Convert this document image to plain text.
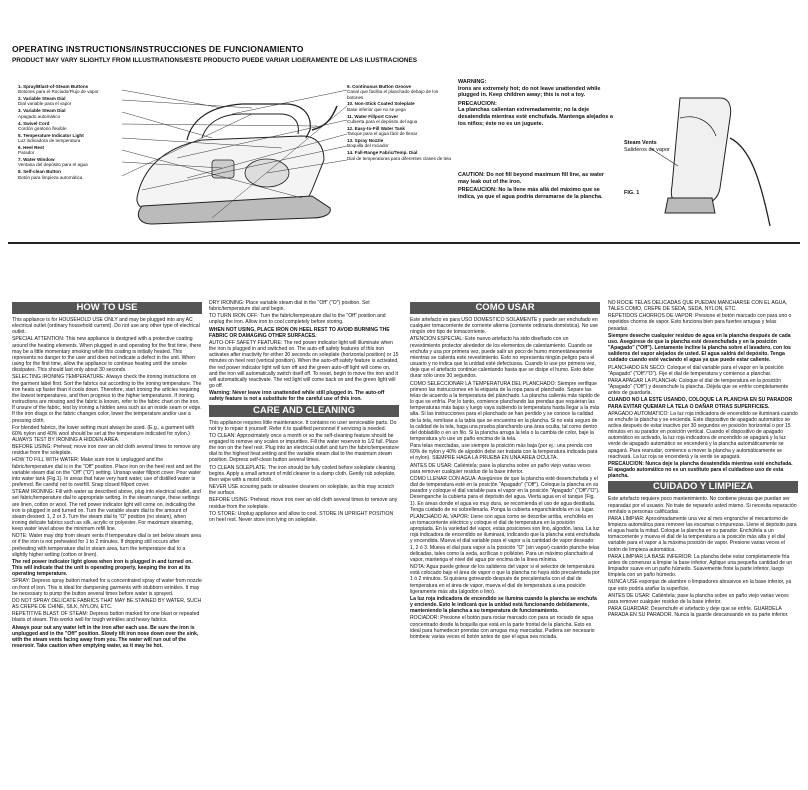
OPERATING INSTRUCTIONS/INSTRUCCIONES DE FUNCIONAMIENTO
PRODUCT MAY VARY SLIGHTLY FROM ILLUSTRATIONS/ESTE PRODUCTO PUEDE VARIAR LIGERAMENTE DE LAS ILUSTRACIONES
1. Spray/Blast-of-Steam Buttons
Botones para el Rociado/Flujo de vapor
2. Variable Steam Dial
Dial variable para el vapor
3. Variable Steam Dial
Apagado automático
4. Swivel Cord
Cordón giratorio flexible
5. Temperature Indicator Light
Luz indicadora de temperatura
6. Heel Rest
Parador
7. Water Window
Ventana del depósito para el agua
8. Self-clean Button
Botón para limpieza automática
9. Continuous Button Groove
Canal que facilita el planchado debajo de los botones
10. Non-Stick Coated Soleplate
Base inferior que no se pega
11. Water Fillport Cover
Cubierta para el depósito del agua
12. Easy-to-Fill Water Tank
Tanque para el agua fácil de llenar
13. Spray Nozzle
Boquilla del rociador
14. Fall-Range Fabric/Temp. Dial
Dial de temperaturas para diferentes clases de tela
WARNING:
Irons are extremely hot; do not leave unattended while plugged in. Keep children away; this is not a toy.
PRECAUCION:
La planchas calientan extremadamente; no la deje desatendida mientras esté enchufada. Mantenga alejados a los niños; éste no es un juguete.
CAUTION: Do not fill beyond maximum fill line, as water may leak out of the iron.
PRECAUCION: No la llene más allá del máximo que se indica, ya que el agua podría derramarse de la plancha.
Steam Vents
Salideros de vapor
FIG. 1
HOW TO USE

This appliance is for HOUSEHOLD USE ONLY and may be plugged into any AC electrical outlet (ordinary household current). Do not use any other type of electrical outlet.

SPECIAL ATTENTION: This new appliance is designed with a protective coating around the heating elements. When plugged in and operating for the first time, there may be a little momentary smoking while this coating is initially heated. This represents no danger to the user and does not indicate a defect in the unit. When using for the first time, allow the appliance to continue heating until the smoke dissipates. This should last only about 30 seconds.

SELECTING IRONING TEMPERATURE: Always check the ironing instructions on the garment label first. Sort the fabrics out according to the ironing temperature. The iron heats up faster than it cools down. Therefore, start ironing the articles requiring the lowest temperatures, and then progress to the higher temperatures. If ironing instructions are missing and the fabric is known, refer to the fabric chart on the iron. If unsure of the fabric, test by ironing a hidden area such as an inside seam or edge. If the iron drags or the fabric changes color, lower the temperature and/or use a pressing cloth.

For blended fabrics, the lower setting must always be used. (E.g., a garment with 60% nylon and 40% wool should be set at the temperature indicated for nylon.) ALWAYS TEST BY IRONING A HIDDEN AREA.

BEFORE USING: Preheat; move iron over an old cloth several times to remove any residue from the soleplate.

HOW TO FILL WITH WATER: Make sure iron is unplugged and the fabric/temperature dial is in the "Off" position. Place iron on the heel rest and set the variable steam dial on the "Off" ("O") setting. Unsnap water fillport cover. Pour water into water tank (Fig.1). In areas that have very hard water, use of distilled water is preferred. Be careful not to overfill. Snap closed fillport cover.

STEAM IRONING: Fill with water as described above, plug into electrical outlet, and set fabric/temperature dial to appropriate setting. In the steam range, these settings are linen, cotton or wool. The red power indicator light will come on, indicating the iron is plugged in and turned on. Turn the variable steam dial to the amount of steam desired: 1, 2 or 3. Turn the steam dial to "O" position (no steam), when ironing delicate fabrics such as silk, acrylic or polyester. For maximum steaming, keep water level above the minimum refill line.

NOTE: Water may drip from steam vents if temperature dial is set below steam area or if the iron is not preheated for 1 to 2 minutes. If dripping still occurs after preheating with temperature dial in steam area, turn the temperature dial to a slightly higher setting (cotton or linen).

The red power indicator light glows when iron is plugged in and turned on. This will indicate that the unit is operating properly, keeping the iron at its operating temperature.

SPRAY: Depress spray button marked for a concentrated spray of water from nozzle on front of iron. This is ideal for dampening garments with stubborn wrinkles. It may be necessary to pump the button several times before water is sprayed.

DO NOT SPRAY DELICATE FABRICS THAT MAY BE STAINED BY WATER, SUCH AS CREPE DE CHINE, SILK, NYLON, ETC.

REPETITIVE BLAST OF STEAM: Depress button marked for one blast or repeated blasts of steam. This works well for tough wrinkles and heavy fabrics.

Always pour out any water left in the iron after each use. Be sure the iron is unplugged and in the "Off" position. Slowly tilt iron nose down over the sink, with the steam vents facing away from you. The water will run out of the reservoir. Take caution when emptying water, as it may be hot.

DRY IRONING: Place variable steam dial in the "Off" ("O") position. Set fabric/temperature dial and begin.

TO TURN IRON OFF: Turn the fabric/temperature dial to the "Off" position and unplug the iron. Allow iron to cool completely before storing.

WHEN NOT USING, PLACE IRON ON HEEL REST TO AVOID BURNING THE FABRIC OR DAMAGING OTHER SURFACES.

AUTO-OFF SAFETY FEATURE: The red power indicator light will illuminate when the iron is plugged in and switched on. The auto-off safety features of this iron activates after inactivity for either 30 seconds on soleplate (horizontal position) or 15 minutes on heel rest (vertical position). When the auto-off safety feature is activated, the red power indicator light will turn off and the green auto-off light will come on, and the iron will automatically switch itself off. To reset, begin to move the iron and it will automatically reactivate. The red light will come back on and the green light will go off.

Warning: Never leave iron unattended while still plugged in. The auto-off safety feature is not a substitute for the careful use of this iron.

CARE AND CLEANING

This appliance requires little maintenance. It contains no user serviceable parts. Do not try to repair it yourself. Refer it to qualified personnel if servicing is needed.

TO CLEAN: Approximately once a month or so the self-cleaning feature should be engaged to remove any scales or impurities. Fill the water reservoir to 1/2 full. Place the iron on the heel rest. Plug into an electrical outlet and turn the fabric/temperature dial to the highest heat setting and the variable steam dial to the maximum steam position. Depress self-clean button several times.

TO CLEAN SOLEPLATE: The iron should be fully cooled before soleplate cleaning begins. Apply a small amount of mild cleaner to a damp cloth. Gently rub soleplate, then wipe with a moist cloth.

NEVER USE scouring pads or abrasive cleaners on soleplate, as this may scratch the surface.

BEFORE USING: Preheat; move iron over an old cloth several times to remove any residue from the soleplate.

TO STORE: Unplug appliance and allow to cool. STORE IN UPRIGHT POSITION on heel rest. Never store iron lying on soleplate.

COMO USAR

Este artefacto es para USO DOMESTICO SOLAMENTE y puede ser enchufado en cualquier tomacorriente de corriente alterna (corriente ordinaria doméstica). No use ningún otro tipo de tomacorriente.

ATENCION ESPECIAL: Este nuevo artefacto ha sido diseñado con un revestimiento protector alrededor de los elementos de calentamiento. Cuando se enchufa y usa por primera vez, puede salir un poco de humo momentáneamente mientras se calienta este revestimiento. Esto no representa ningún peligro para el usuario y no indica que la unidad esté defectuosa. Cuando lo use por primera vez, deje que el artefacto continúe calentando hasta que se disipe el humo. Esto debe durar sólo unos 30 segundos.

COMO SELECCIONAR LA TEMPERATURA DEL PLANCHADO: Siempre verifique primero las instrucciones en la etiqueta de la ropa para el planchado. Separe las telas de acuerdo a la temperatura del planchado. La plancha calienta más rápido de lo que se enfría. Por lo tanto, comience planchando las prendas que requieran las temperaturas más bajas y luego vaya subiendo la temperatura hasta llegar a la más alta. Si las instrucciones para el planchado se han perdido y se conoce la calidad de la tela, remítase a la tabla que se encuentra en la plancha. Si no está seguro de la calidad de la tela, haga una prueba planchando una área oculta, tal como dentro del dobladillo o en un filo. Si la plancha arruga la tela o la cambia de color, baje la temperatura y/o use un paño encima de la tela.

Para telas mezcladas, use siempre la posición más baja (por ej.: una prenda con 60% de nylon y 40% de algodón debe ser tratada con la temperatura indicada para el nylon). SIEMPRE HAGA LA PRUEBA EN UNA AREA OCULTA.

ANTES DE USAR: Caliéntela; pase la plancha sobre un paño viejo varias veces para remover cualquier residuo de la base inferior.

COMO LLENAR CON AGUA: Asegúrese de que la plancha esté desenchufada y el dial de temperatura esté en la posición "Apagado" ("Off"). Coloque la plancha en su parador y coloque el dial variable para el vapor en la posición "Apagado" ("Off"/"O"). Desenganche la cubierta para el depósito del agua. Vierta agua en el tanque (Fig. 1). En áreas donde el agua es muy dura, se recomienda el uso de agua destilada. Tenga cuidado de no sobrellenarla. Ponga la cubierta enganchándola en su lugar.

PLANCHADO AL VAPOR: Llene con agua como se describe arriba, enchúfela en un tomacorriente eléctrico y coloque el dial de temperatura en la posición apropiada. En la variedad del vapor, estas posiciones son lino, algodón, lana. La luz roja indicadora de encendido se iluminará, indicando que la plancha está enchufada y encendida. Mueva el dial variable para el vapor a la cantidad de vapor deseado: 1, 2 ó 3. Mueva el dial para vapor a la posición "O" (sin vapor) cuando planche telas delicadas, tales como la seda, acrílicas o poliéster. Para un máximo planchado al vapor, mantenga el nivel del agua por encima de la línea mínima.

NOTA: Agua puede gotear de los salideros del vapor si el selector de temperatura está colocado bajo el área de vapor o que la plancha no haya sido precalentada por 1 ó 2 minutos. Si quisiera gotreando después de precalentarla con el dial de temperatura en el área de vapor, mueva el dial de temperatura a una posición ligeramente más alta (algodón o lino).

La luz roja indicadora de encendido se ilumina cuando la plancha se enchufa y enciende. Esto le indicará que la unidad está funcionando debidamente, manteniendo la plancha a su temperatura de funcionamiento.

ROCIADOR: Presione el botón para rociar marcado con para un rociado de agua concentrado desde la boquilla que está en la parte frontal de la plancha. Esto es ideal para humedecer prendas con arrugas muy marcadas. Pudiera ser necesario bombear varias veces el botón antes de que el agua sea rociada.

NO ROCIE TELAS DELICADAS QUE PUEDAN MANCHARSE CON EL AGUA, TALES COMO, CREPE DE SEDA, SEDA, NYLON, ETC.

REPETIDOS CHORROS DE VAPOR: Presione el botón marcado con para uno o repetidos chorros de vapor. Esto funciona bien para fuertes arrugas y telas pesadas.

Siempre deseche cualquier residuo de agua en la plancha después de cada uso. Asegúrese de que la plancha esté desenchufada y en la posición "Apagado" ("Off"). Lentamente incline la plancha sobre el lavadero, con los salideros del vapor alejados de usted. El agua saldrá del depósito. Tenga cuidado cuando esté vaciando el agua ya que puede estar caliente.

PLANCHADO EN SECO: Coloque el dial variable para el vapor en la posición "Apagado" ("Off"/"O"). Fije el dial de temperatura y comience a planchar.

PARA APAGAR LA PLANCHA: Coloque el dial de temperatura en la posición "Apagado" ("Off") y desenchufe la plancha. Déjela que se enfríe completamente antes de guardarla.

CUANDO NO LA ESTE USANDO, COLOQUE LA PLANCHA EN SU PARADOR PARA EVITAR QUEMAR LA TELA O DAÑAR OTRAS SUPERFICIES.

APAGADO AUTOMATICO: La luz roja indicadora de encendido se iluminará cuando se enchufe la plancha y se encienda. Este dispositivo de apagado automático se activa después de estar inactivo por 30 segundos en posición horizontal o por 15 minutos en su parador en posición vertical. Cuando el dispositivo de apagado automático es activado, la luz roja indicadora de encendido se apagará y la luz verde de apagado automático se encenderá y la plancha automáticamente se apagará. Para reanudar, comience a mover la plancha y automáticamente se reactivará. La luz roja se encenderá y la verde se apagará.

PRECAUCION: Nunca deje la plancha desatendida mientras esté enchufada. El apagado automático no es un sustituto para el cuidadoso uso de esta plancha.

CUIDADO Y LIMPIEZA

Este artefacto requiere poco mantenimiento. No contiene piezas que puedan ser reparadas por el usuario. No trate de repararlo usted mismo. Si necesita reparación remítalo a personas calificadas.

PARA LIMPIAR: Aproximadamente una vez al mes engranche el mecanismo de limpieza automática para remover las escamas o impurezas. Llene el depósito para el agua hasta la mitad. Coloque la plancha en su parador. Enchúfela a un tomacorriente y mueva el dial de la temperatura a la posición más alta y el dial variable para el vapor a la máxima posición de vapor. Presione varias veces el botón de limpieza automática.

PARA LIMPIAR LA BASE INFERIOR: La plancha debe estar completamente fría antes de comenzar a limpiar la base inferior. Aplique una pequeña cantidad de un limpiador suave en un paño húmedo. Suavemente frote la parte inferior, luego límpiela con un paño húmedo.

NUNCA USE esponjas de alambre o limpiadores abrasivos en la base inferior, ya que esto podría arañar la superficie.

ANTES DE USAR: Caliéntela; pase la plancha sobre un paño viejo varias veces para remover cualquier residuo de la base inferior.

PARA GUARDAR: Desenchufe el artefacto y deje que se enfríe. GUARDELA PARADA EN SU PARADOR. Nunca la guarde descansando en su parte inferior.
